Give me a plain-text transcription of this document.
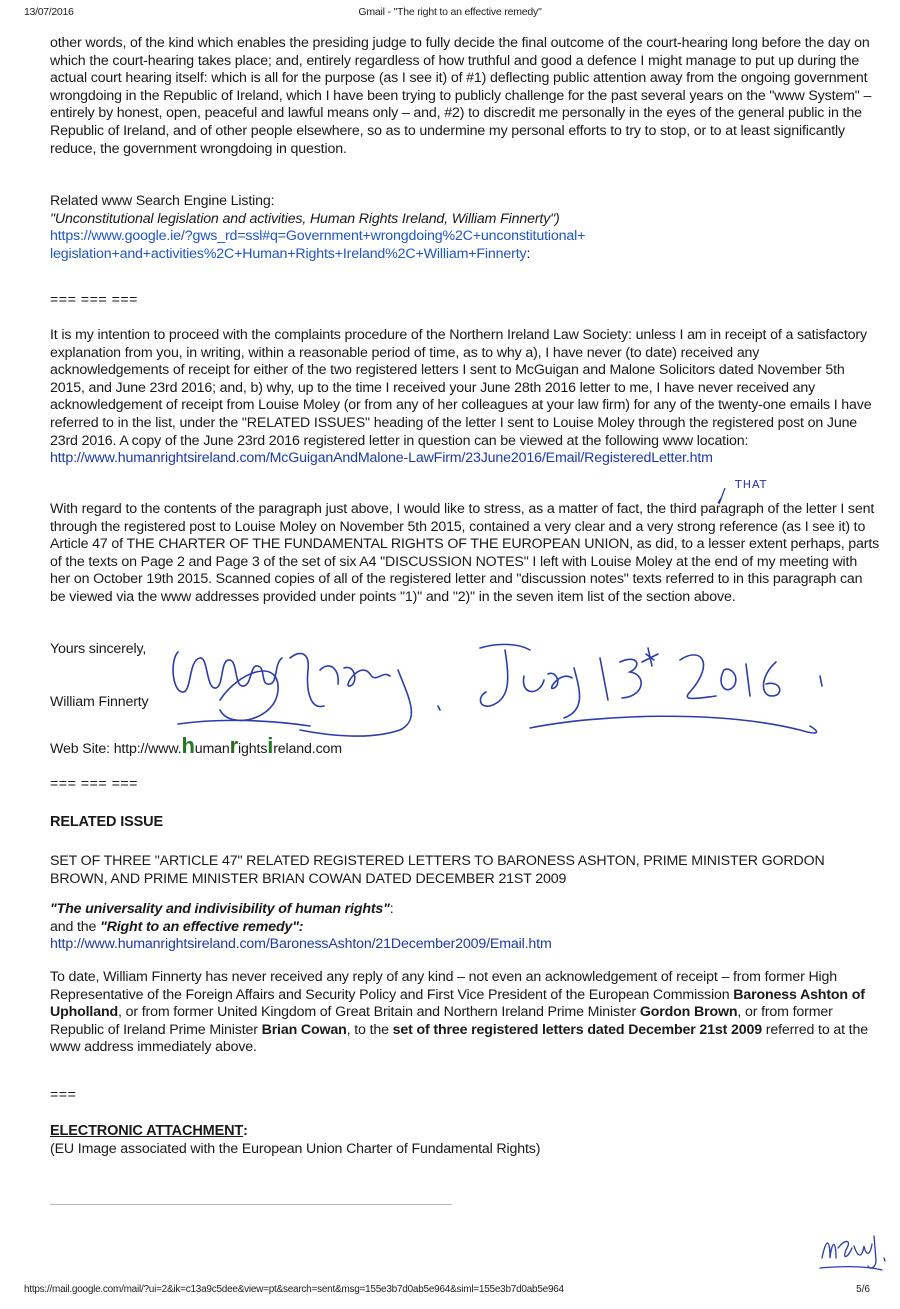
13/07/2016	Gmail - "The right to an effective remedy"

other words, of the kind which enables the presiding judge to fully decide the final outcome of the court-hearing long before the day on which the court-hearing takes place; and, entirely regardless of how truthful and good a defence I might manage to put up during the actual court hearing itself: which is all for the purpose (as I see it) of #1) deflecting public attention away from the ongoing government wrongdoing in the Republic of Ireland, which I have been trying to publicly challenge for the past several years on the "www System" – entirely by honest, open, peaceful and lawful means only – and, #2) to discredit me personally in the eyes of the general public in the Republic of Ireland, and of other people elsewhere, so as to undermine my personal efforts to try to stop, or to at least significantly reduce, the government wrongdoing in question.

Related www Search Engine Listing:

"Unconstitutional legislation and activities, Human Rights Ireland, William Finnerty")

https://www.google.ie/?gws_rd=ssl#q=Government+wrongdoing%2C+unconstitutional+
legislation+and+activities%2C+Human+Rights+Ireland%2C+William+Finnerty:

=== === ===

It is my intention to proceed with the complaints procedure of the Northern Ireland Law Society: unless I am in receipt of a satisfactory explanation from you, in writing, within a reasonable period of time, as to why a), I have never (to date) received any acknowledgements of receipt for either of the two registered letters I sent to McGuigan and Malone Solicitors dated November 5th 2015, and June 23rd 2016; and, b) why, up to the time I received your June 28th 2016 letter to me, I have never received any acknowledgement of receipt from Louise Moley (or from any of her colleagues at your law firm) for any of the twenty-one emails I have referred to in the list, under the "RELATED ISSUES" heading of the letter I sent to Louise Moley through the registered post on June 23rd 2016. A copy of the June 23rd 2016 registered letter in question can be viewed at the following www location:

http://www.humanrightsireland.com/McGuiganAndMalone-LawFirm/23June2016/Email/RegisteredLetter.htm

With regard to the contents of the paragraph just above, I would like to stress, as a matter of fact, the third paragraph of the letter I sent through the registered post to Louise Moley on November 5th 2015, contained a very clear and a very strong reference (as I see it) to Article 47 of THE CHARTER OF THE FUNDAMENTAL RIGHTS OF THE EUROPEAN UNION, as did, to a lesser extent perhaps, parts of the texts on Page 2 and Page 3 of the set of six A4 "DISCUSSION NOTES" I left with Louise Moley at the end of my meeting with her on October 19th 2015. Scanned copies of all of the registered letter and "discussion notes" texts referred to in this paragraph can be viewed via the www addresses provided under points "1)" and "2)" in the seven item list of the section above.

Yours sincerely,
William Finnerty
Web Site: http://www.humanrightsireland.com
=== === ===
RELATED ISSUE
SET OF THREE "ARTICLE 47" RELATED REGISTERED LETTERS TO BARONESS ASHTON, PRIME MINISTER GORDON BROWN, AND PRIME MINISTER BRIAN COWAN DATED DECEMBER 21ST 2009

"The universality and indivisibility of human rights":

and the "Right to an effective remedy":

http://www.humanrightsireland.com/BaronessAshton/21December2009/Email.htm

To date, William Finnerty has never received any reply of any kind – not even an acknowledgement of receipt – from former High Representative of the Foreign Affairs and Security Policy and First Vice President of the European Commission Baroness Ashton of Upholland, or from former United Kingdom of Great Britain and Northern Ireland Prime Minister Gordon Brown, or from former Republic of Ireland Prime Minister Brian Cowan, to the set of three registered letters dated December 21st 2009 referred to at the www address immediately above.

===

ELECTRONIC ATTACHMENT:

(EU Image associated with the European Union Charter of Fundamental Rights)

THAT
https://mail.google.com/mail/?ui=2&ik=c13a9c5dee&view=pt&search=sent&msg=155e3b7d0ab5e964&siml=155e3b7d0ab5e964	5/6
